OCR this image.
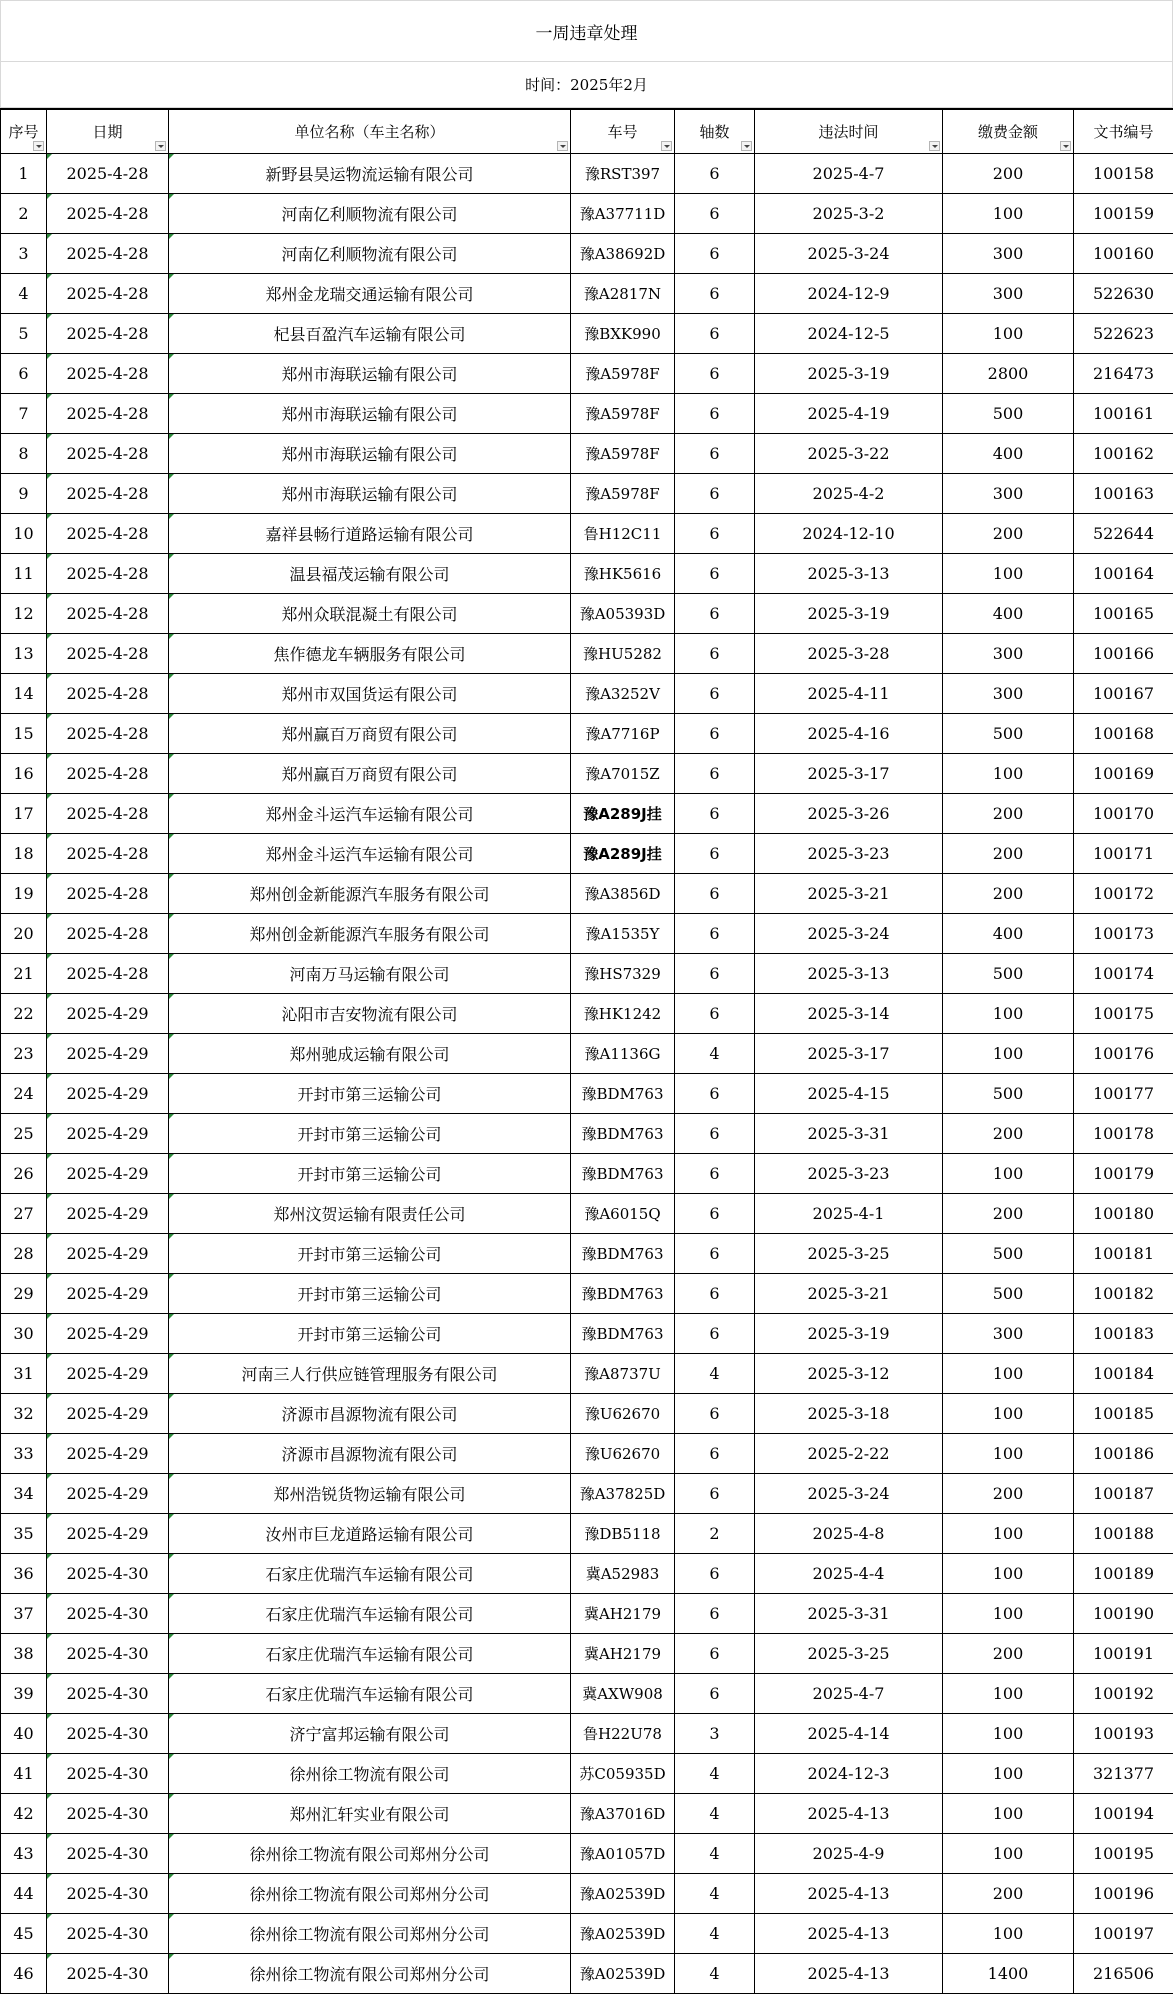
一周违章处理
时间：2025年2月
序号	日期	单位名称（车主名称）	车号	轴数	违法时间	缴费金额	文书编号
1	2025-4-28	新野县昊运物流运输有限公司	豫RST397	6	2025-4-7	200	100158
2	2025-4-28	河南亿利顺物流有限公司	豫A37711D	6	2025-3-2	100	100159
3	2025-4-28	河南亿利顺物流有限公司	豫A38692D	6	2025-3-24	300	100160
4	2025-4-28	郑州金龙瑞交通运输有限公司	豫A2817N	6	2024-12-9	300	522630
5	2025-4-28	杞县百盈汽车运输有限公司	豫BXK990	6	2024-12-5	100	522623
6	2025-4-28	郑州市海联运输有限公司	豫A5978F	6	2025-3-19	2800	216473
7	2025-4-28	郑州市海联运输有限公司	豫A5978F	6	2025-4-19	500	100161
8	2025-4-28	郑州市海联运输有限公司	豫A5978F	6	2025-3-22	400	100162
9	2025-4-28	郑州市海联运输有限公司	豫A5978F	6	2025-4-2	300	100163
10	2025-4-28	嘉祥县畅行道路运输有限公司	鲁H12C11	6	2024-12-10	200	522644
11	2025-4-28	温县福茂运输有限公司	豫HK5616	6	2025-3-13	100	100164
12	2025-4-28	郑州众联混凝土有限公司	豫A05393D	6	2025-3-19	400	100165
13	2025-4-28	焦作德龙车辆服务有限公司	豫HU5282	6	2025-3-28	300	100166
14	2025-4-28	郑州市双国货运有限公司	豫A3252V	6	2025-4-11	300	100167
15	2025-4-28	郑州赢百万商贸有限公司	豫A7716P	6	2025-4-16	500	100168
16	2025-4-28	郑州赢百万商贸有限公司	豫A7015Z	6	2025-3-17	100	100169
17	2025-4-28	郑州金斗运汽车运输有限公司	豫A289J挂	6	2025-3-26	200	100170
18	2025-4-28	郑州金斗运汽车运输有限公司	豫A289J挂	6	2025-3-23	200	100171
19	2025-4-28	郑州创金新能源汽车服务有限公司	豫A3856D	6	2025-3-21	200	100172
20	2025-4-28	郑州创金新能源汽车服务有限公司	豫A1535Y	6	2025-3-24	400	100173
21	2025-4-28	河南万马运输有限公司	豫HS7329	6	2025-3-13	500	100174
22	2025-4-29	沁阳市吉安物流有限公司	豫HK1242	6	2025-3-14	100	100175
23	2025-4-29	郑州驰成运输有限公司	豫A1136G	4	2025-3-17	100	100176
24	2025-4-29	开封市第三运输公司	豫BDM763	6	2025-4-15	500	100177
25	2025-4-29	开封市第三运输公司	豫BDM763	6	2025-3-31	200	100178
26	2025-4-29	开封市第三运输公司	豫BDM763	6	2025-3-23	100	100179
27	2025-4-29	郑州汶贺运输有限责任公司	豫A6015Q	6	2025-4-1	200	100180
28	2025-4-29	开封市第三运输公司	豫BDM763	6	2025-3-25	500	100181
29	2025-4-29	开封市第三运输公司	豫BDM763	6	2025-3-21	500	100182
30	2025-4-29	开封市第三运输公司	豫BDM763	6	2025-3-19	300	100183
31	2025-4-29	河南三人行供应链管理服务有限公司	豫A8737U	4	2025-3-12	100	100184
32	2025-4-29	济源市昌源物流有限公司	豫U62670	6	2025-3-18	100	100185
33	2025-4-29	济源市昌源物流有限公司	豫U62670	6	2025-2-22	100	100186
34	2025-4-29	郑州浩锐货物运输有限公司	豫A37825D	6	2025-3-24	200	100187
35	2025-4-29	汝州市巨龙道路运输有限公司	豫DB5118	2	2025-4-8	100	100188
36	2025-4-30	石家庄优瑞汽车运输有限公司	冀A52983	6	2025-4-4	100	100189
37	2025-4-30	石家庄优瑞汽车运输有限公司	冀AH2179	6	2025-3-31	100	100190
38	2025-4-30	石家庄优瑞汽车运输有限公司	冀AH2179	6	2025-3-25	200	100191
39	2025-4-30	石家庄优瑞汽车运输有限公司	冀AXW908	6	2025-4-7	100	100192
40	2025-4-30	济宁富邦运输有限公司	鲁H22U78	3	2025-4-14	100	100193
41	2025-4-30	徐州徐工物流有限公司	苏C05935D	4	2024-12-3	100	321377
42	2025-4-30	郑州汇轩实业有限公司	豫A37016D	4	2025-4-13	100	100194
43	2025-4-30	徐州徐工物流有限公司郑州分公司	豫A01057D	4	2025-4-9	100	100195
44	2025-4-30	徐州徐工物流有限公司郑州分公司	豫A02539D	4	2025-4-13	200	100196
45	2025-4-30	徐州徐工物流有限公司郑州分公司	豫A02539D	4	2025-4-13	100	100197
46	2025-4-30	徐州徐工物流有限公司郑州分公司	豫A02539D	4	2025-4-13	1400	216506
